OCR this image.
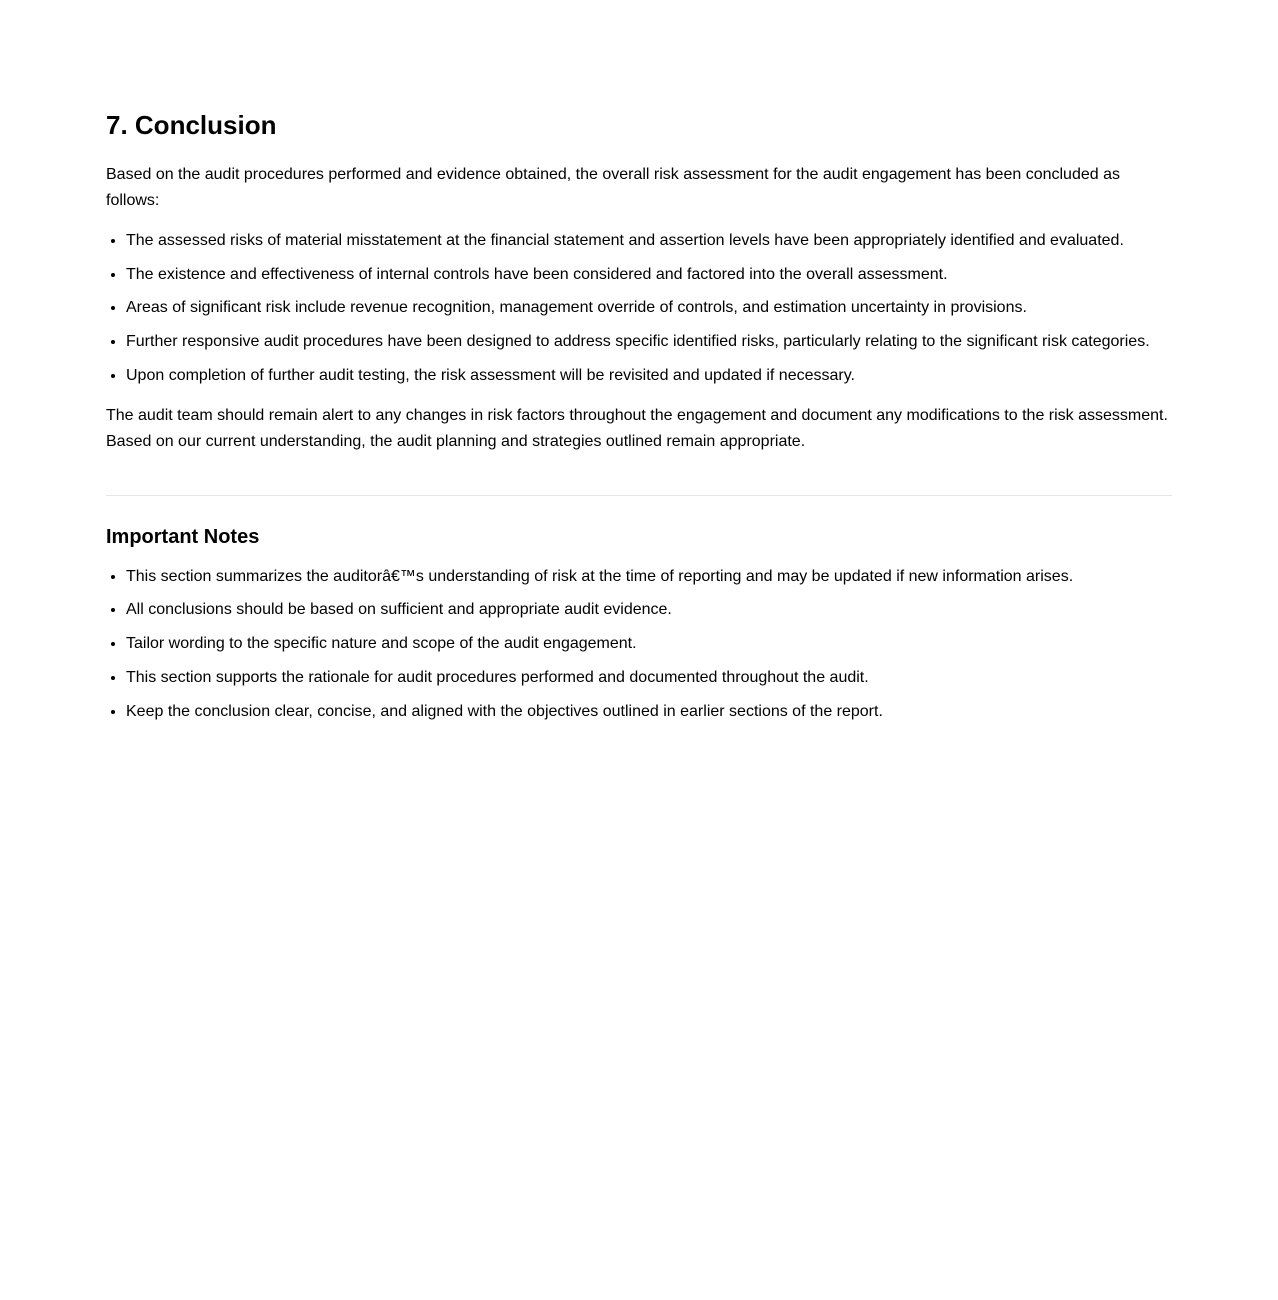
7. Conclusion

Based on the audit procedures performed and evidence obtained, the overall risk assessment for the audit engagement has been concluded as follows:

• The assessed risks of material misstatement at the financial statement and assertion levels have been appropriately identified and evaluated.
• The existence and effectiveness of internal controls have been considered and factored into the overall assessment.
• Areas of significant risk include revenue recognition, management override of controls, and estimation uncertainty in provisions.
• Further responsive audit procedures have been designed to address specific identified risks, particularly relating to the significant risk categories.
• Upon completion of further audit testing, the risk assessment will be revisited and updated if necessary.

The audit team should remain alert to any changes in risk factors throughout the engagement and document any modifications to the risk assessment. Based on our current understanding, the audit planning and strategies outlined remain appropriate.

Important Notes
• This section summarizes the auditorâ€™s understanding of risk at the time of reporting and may be updated if new information arises.
• All conclusions should be based on sufficient and appropriate audit evidence.
• Tailor wording to the specific nature and scope of the audit engagement.
• This section supports the rationale for audit procedures performed and documented throughout the audit.
• Keep the conclusion clear, concise, and aligned with the objectives outlined in earlier sections of the report.
